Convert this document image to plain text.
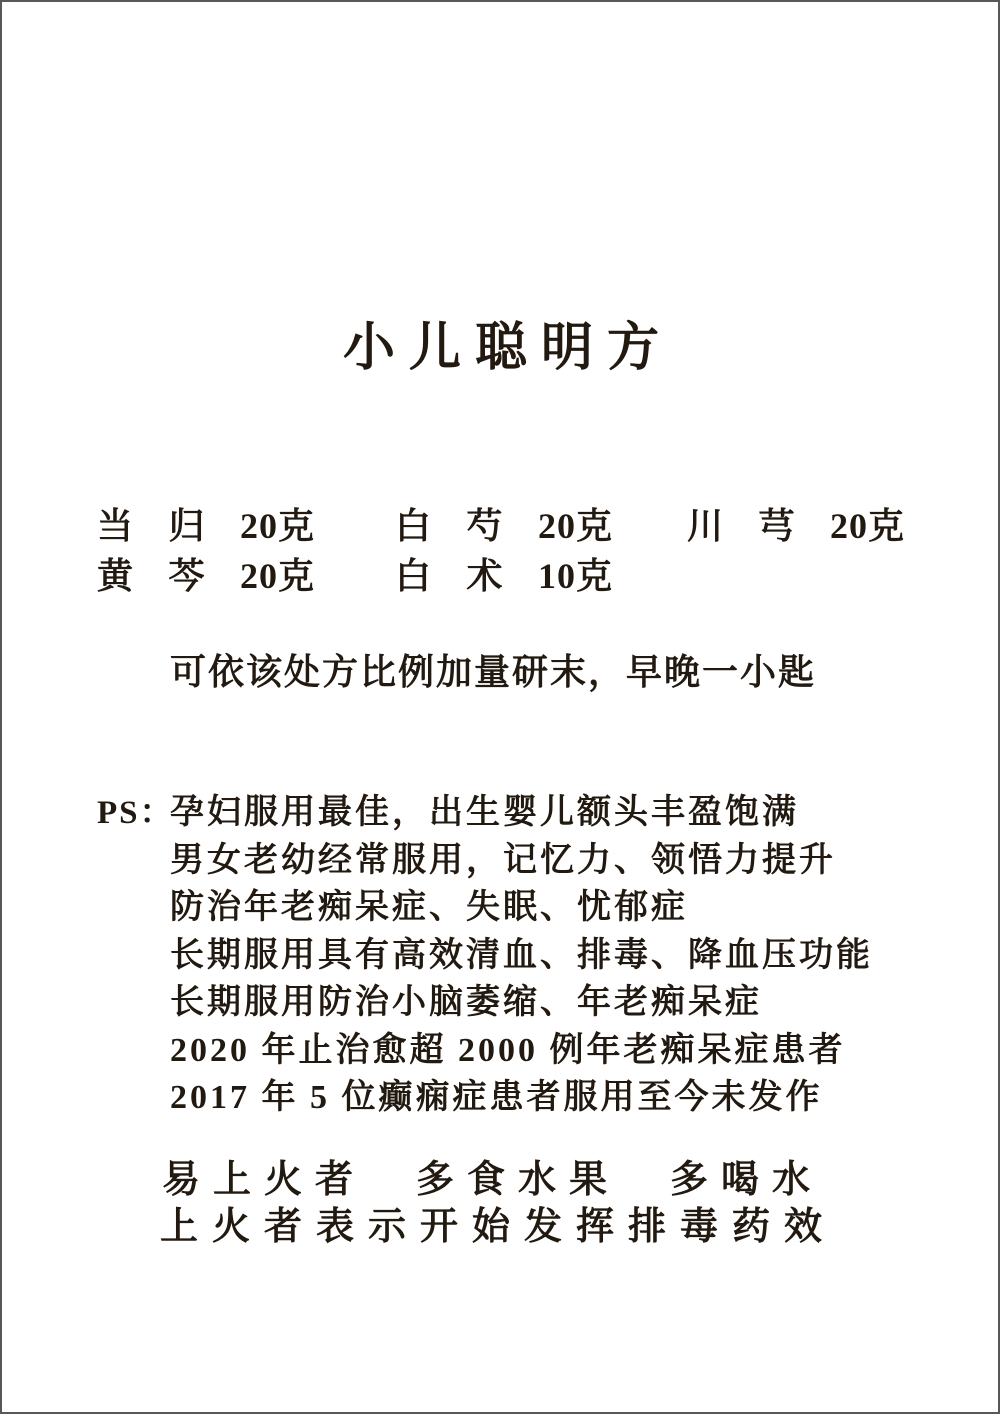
小儿聪明方
当 归 20克 白 芍 20克 川 芎 20克
黄 芩 20克 白 术 10克
可依该处方比例加量研末，早晚一小匙
PS：
孕妇服用最佳，出生婴儿额头丰盈饱满
男女老幼经常服用，记忆力、领悟力提升
防治年老痴呆症、失眠、忧郁症
长期服用具有高效清血、排毒、降血压功能
长期服用防治小脑萎缩、年老痴呆症
2020 年止治愈超 2000 例年老痴呆症患者
2017 年 5 位癫痫症患者服用至今未发作
易上火者 多食水果 多喝水
上火者表示开始发挥排毒药效
